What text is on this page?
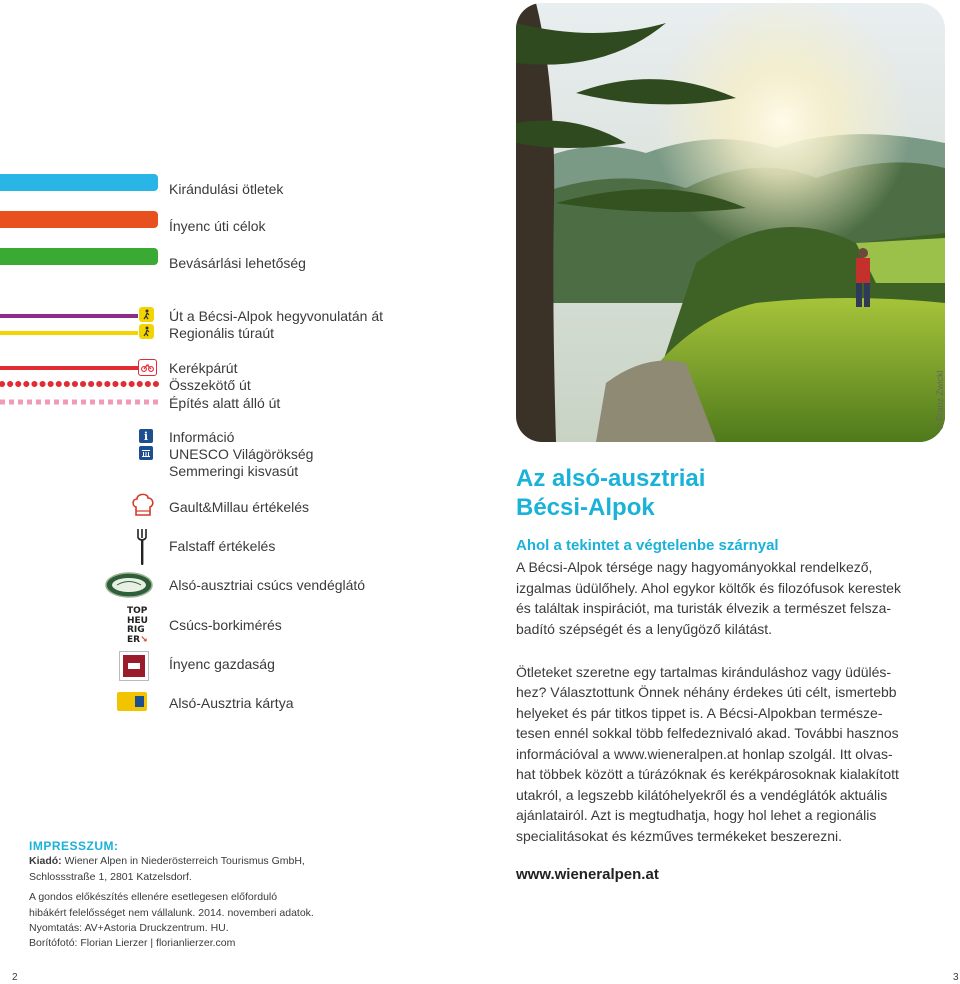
Kirándulási ötletek
Ínyenc úti célok
Bevásárlási lehetőség
Út a Bécsi-Alpok hegyvonulatán át
Regionális túraút
Kerékpárút
Összekötő út
Építés alatt álló út
i Információ
UNESCO Világörökség
Semmeringi kisvasút
Gault&Millau értékelés
Falstaff értékelés
Alsó-ausztriai csúcs vendéglátó
TOP
HEU
RIG
ER↘
Csúcs-borkimérés
Ínyenc gazdaság
Alsó-Ausztria kártya
IMPRESSZUM:
Kiadó: Wiener Alpen in Niederösterreich Tourismus GmbH,
Schlossstraße 1, 2801 Katzelsdorf.
A gondos előkészítés ellenére esetlegesen előforduló
hibákért felelősséget nem vállalunk. 2014. novemberi adatok.
Nyomtatás: AV+Astoria Druckzentrum. HU.
Borítófotó: Florian Lierzer | florianlierzer.com
2	3
© Franz Zwickl
Az alsó-ausztriai
Bécsi-Alpok
Ahol a tekintet a végtelenbe szárnyal
A Bécsi-Alpok térsége nagy hagyományokkal rendelkező,
izgalmas üdülőhely. Ahol egykor költők és filozófusok kerestek
és találtak inspirációt, ma turisták élvezik a természet felsza-
badító szépségét és a lenyűgöző kilátást.
Ötleteket szeretne egy tartalmas kiránduláshoz vagy üdülés-
hez? Választottunk Önnek néhány érdekes úti célt, ismertebb
helyeket és pár titkos tippet is. A Bécsi-Alpokban természe-
tesen ennél sokkal több felfedeznivaló akad. További hasznos
információval a www.wieneralpen.at honlap szolgál. Itt olvas-
hat többek között a túrázóknak és kerékpárosoknak kialakított
utakról, a legszebb kilátóhelyekről és a vendéglátók aktuális
ajánlatairól. Azt is megtudhatja, hogy hol lehet a regionális
specialitásokat és kézműves termékeket beszerezni.
www.wieneralpen.at
